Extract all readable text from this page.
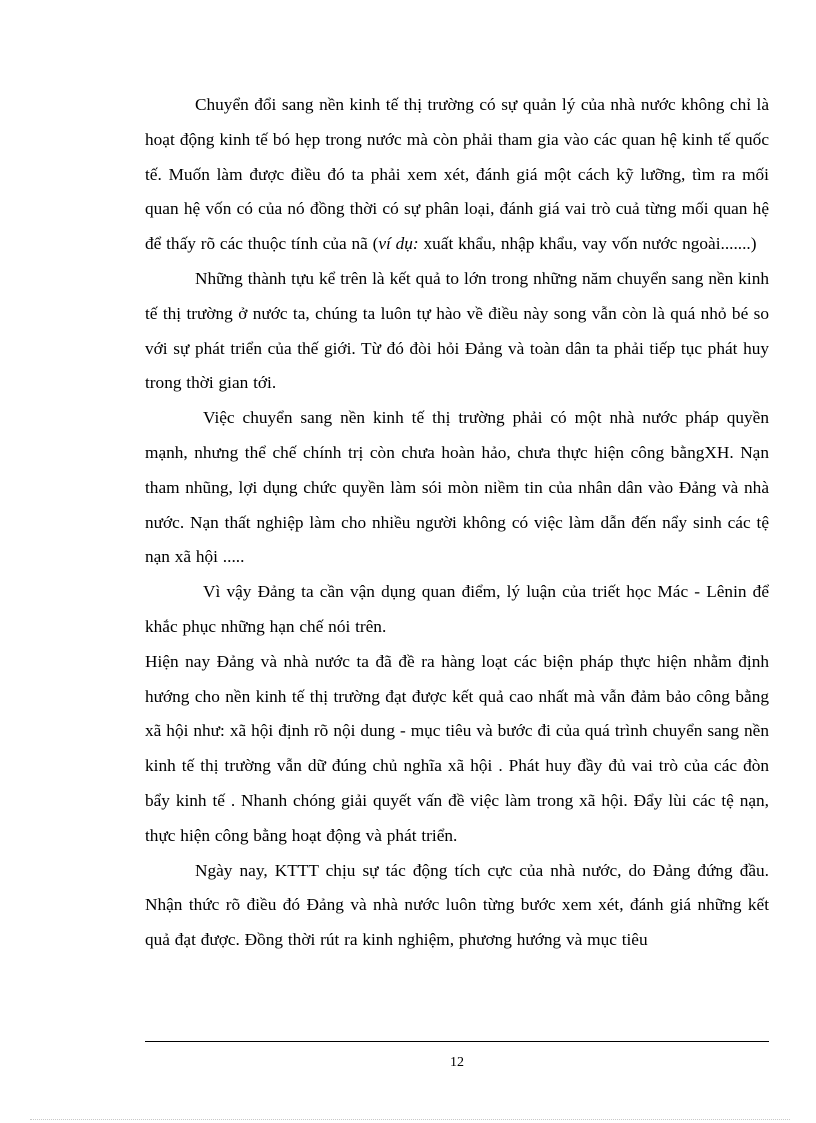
Chuyển đổi sang nền kinh tế thị trường có sự quản lý của nhà nước không chỉ là hoạt động kinh tế bó hẹp trong nước mà còn phải tham gia vào các quan hệ kinh tế quốc tế. Muốn làm được điều đó ta phải xem xét, đánh giá một cách kỹ lưỡng, tìm ra mối quan hệ vốn có của nó đồng thời có sự phân loại, đánh giá vai trò cuả từng mối quan hệ để thấy rõ các thuộc tính của nã (ví dụ: xuất khẩu, nhập khẩu, vay vốn nước ngoài.......)

Những thành tựu kể trên là kết quả to lớn trong những năm chuyển sang nền kinh tế thị trường ở nước ta, chúng ta luôn tự hào về điều này song vẫn còn là quá nhỏ bé so với sự phát triển của thế giới. Từ đó đòi hỏi Đảng và toàn dân ta phải tiếp tục phát huy trong thời gian tới.

Việc chuyển sang nền kinh tế thị trường phải có một nhà nước pháp quyền mạnh, nhưng thể chế chính trị còn chưa hoàn hảo, chưa thực hiện công bằngXH. Nạn tham nhũng, lợi dụng chức quyền làm sói mòn niềm tin của nhân dân vào Đảng và nhà nước. Nạn thất nghiệp làm cho nhiều người không có việc làm dẫn đến nẩy sinh các tệ nạn xã hội .....

Vì vậy Đảng ta cần vận dụng quan điểm, lý luận của triết học Mác - Lênin để khắc phục những hạn chế nói trên.

Hiện nay Đảng và nhà nước ta đã đề ra hàng loạt các biện pháp thực hiện nhằm định hướng cho nền kinh tế thị trường đạt được kết quả cao nhất mà vẫn đảm bảo công bằng xã hội như: xã hội định rõ nội dung - mục tiêu và bước đi của quá trình chuyển sang nền kinh tế thị trường vẫn dữ đúng chủ nghĩa xã hội . Phát huy đầy đủ vai trò của các đòn bẩy kinh tế . Nhanh chóng giải quyết vấn đề việc làm trong xã hội. Đẩy lùi các tệ nạn, thực hiện công bằng hoạt động và phát triển.

Ngày nay, KTTT chịu sự tác động tích cực của nhà nước, do Đảng đứng đầu. Nhận thức rõ điều đó Đảng và nhà nước luôn từng bước xem xét, đánh giá những kết quả đạt được. Đồng thời rút ra kinh nghiệm, phương hướng và mục tiêu

12
